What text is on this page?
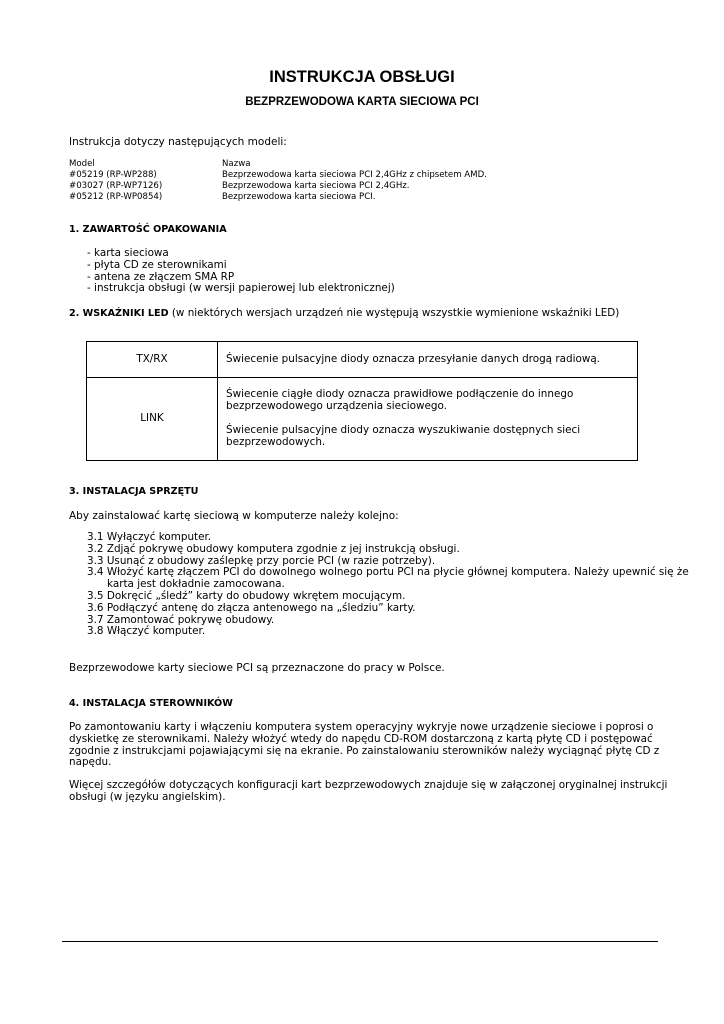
INSTRUKCJA OBSŁUGI
BEZPRZEWODOWA KARTA SIECIOWA PCI
Instrukcja dotyczy następujących modeli:
Model	Nazwa
#05219 (RP-WP288)	Bezprzewodowa karta sieciowa PCI 2,4GHz z chipsetem AMD.
#03027 (RP-WP7126)	Bezprzewodowa karta sieciowa PCI 2,4GHz.
#05212 (RP-WP0854)	Bezprzewodowa karta sieciowa PCI.
1. ZAWARTOŚĆ OPAKOWANIA
- karta sieciowa
- płyta CD ze sterownikami
- antena ze złączem SMA RP
- instrukcja obsługi (w wersji papierowej lub elektronicznej)
2. WSKAŹNIKI LED (w niektórych wersjach urządzeń nie występują wszystkie wymienione wskaźniki LED)
TX/RX	Świecenie pulsacyjne diody oznacza przesyłanie danych drogą radiową.
LINK	Świecenie ciągłe diody oznacza prawidłowe podłączenie do innego bezprzewodowego urządzenia sieciowego.
Świecenie pulsacyjne diody oznacza wyszukiwanie dostępnych sieci bezprzewodowych.
3. INSTALACJA SPRZĘTU
Aby zainstalować kartę sieciową w komputerze należy kolejno:
3.1 Wyłączyć komputer.
3.2 Zdjąć pokrywę obudowy komputera zgodnie z jej instrukcją obsługi.
3.3 Usunąć z obudowy zaślepkę przy porcie PCI (w razie potrzeby).
3.4 Włożyć kartę złączem PCI do dowolnego wolnego portu PCI na płycie głównej komputera. Należy upewnić się że
karta jest dokładnie zamocowana.
3.5 Dokręcić „śledź” karty do obudowy wkrętem mocującym.
3.6 Podłączyć antenę do złącza antenowego na „śledziu” karty.
3.7 Zamontować pokrywę obudowy.
3.8 Włączyć komputer.
Bezprzewodowe karty sieciowe PCI są przeznaczone do pracy w Polsce.
4. INSTALACJA STEROWNIKÓW
Po zamontowaniu karty i włączeniu komputera system operacyjny wykryje nowe urządzenie sieciowe i poprosi o
dyskietkę ze sterownikami. Należy włożyć wtedy do napędu CD-ROM dostarczoną z kartą płytę CD i postępować
zgodnie z instrukcjami pojawiającymi się na ekranie. Po zainstalowaniu sterowników należy wyciągnąć płytę CD z
napędu.
Więcej szczegółów dotyczących konfiguracji kart bezprzewodowych znajduje się w załączonej oryginalnej instrukcji
obsługi (w języku angielskim).
